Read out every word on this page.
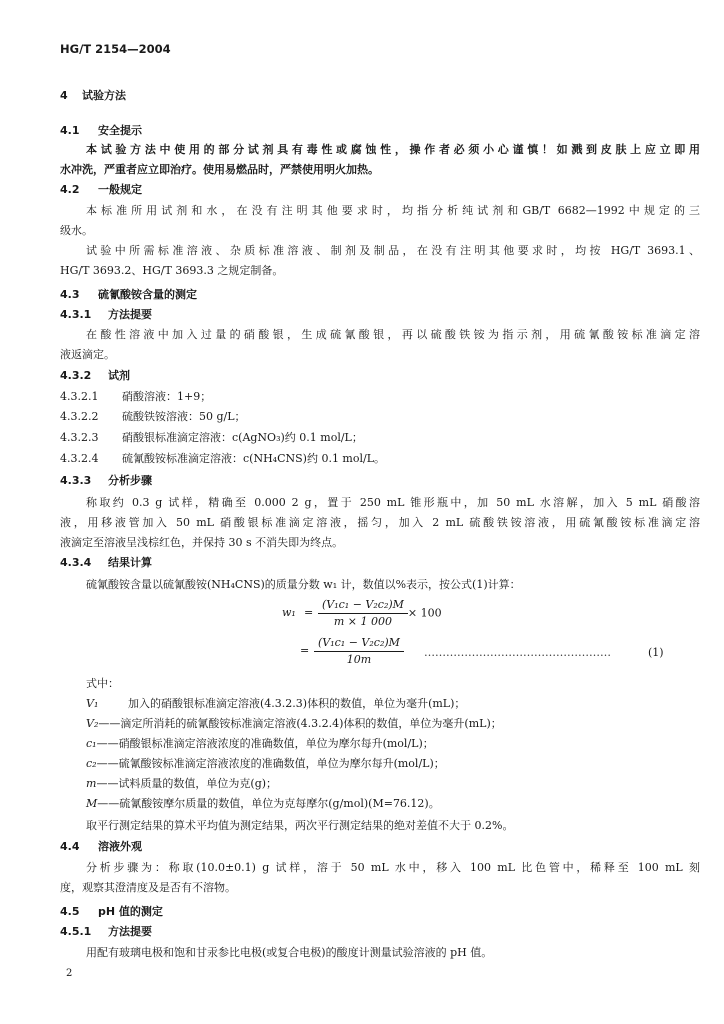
HG/T 2154—2004
4 试验方法
4.1 安全提示
本试验方法中使用的部分试剂具有毒性或腐蚀性，操作者必须小心谨慎！如溅到皮肤上应立即用
水冲洗，严重者应立即治疗。使用易燃品时，严禁使用明火加热。
4.2 一般规定
本标准所用试剂和水，在没有注明其他要求时，均指分析纯试剂和GB/T 6682—1992中规定的三
级水。
试验中所需标准溶液、杂质标准溶液、制剂及制品，在没有注明其他要求时，均按 HG/T 3693.1、
HG/T 3693.2、HG/T 3693.3 之规定制备。
4.3 硫氰酸铵含量的测定
4.3.1 方法提要
在酸性溶液中加入过量的硝酸银，生成硫氰酸银，再以硫酸铁铵为指示剂，用硫氰酸铵标准滴定溶
液返滴定。
4.3.2 试剂
4.3.2.1 硝酸溶液：1+9；
4.3.2.2 硫酸铁铵溶液：50 g/L；
4.3.2.3 硝酸银标准滴定溶液：c(AgNO₃)约 0.1 mol/L；
4.3.2.4 硫氰酸铵标准滴定溶液：c(NH₄CNS)约 0.1 mol/L。
4.3.3 分析步骤
称取约 0.3 g 试样，精确至 0.000 2 g，置于 250 mL 锥形瓶中，加 50 mL 水溶解，加入 5 mL 硝酸溶
液，用移液管加入 50 mL 硝酸银标准滴定溶液，摇匀，加入 2 mL 硫酸铁铵溶液，用硫氰酸铵标准滴定溶
液滴定至溶液呈浅棕红色，并保持 30 s 不消失即为终点。
4.3.4 结果计算
硫氰酸铵含量以硫氰酸铵(NH₄CNS)的质量分数 w₁ 计，数值以%表示，按公式(1)计算：
$w_1 = \frac{\text{(V₁c₁ − V₂c₂)M}}{m \times 1 000} \times 100$
= $\frac{\text{(V₁c₁ − V₂c₂)M}}{10m}$ ……………………………………………	(1)
式中：
V₁	加入的硝酸银标准滴定溶液(4.3.2.3)体积的数值，单位为毫升(mL)；
V₂——滴定所消耗的硫氰酸铵标准滴定溶液(4.3.2.4)体积的数值，单位为毫升(mL)；
c₁——硝酸银标准滴定溶液浓度的准确数值，单位为摩尔每升(mol/L)；
c₂——硫氰酸铵标准滴定溶液浓度的准确数值，单位为摩尔每升(mol/L)；
m——试料质量的数值，单位为克(g)；
M——硫氰酸铵摩尔质量的数值，单位为克每摩尔(g/mol)(M=76.12)。
取平行测定结果的算术平均值为测定结果，两次平行测定结果的绝对差值不大于 0.2%。
4.4 溶液外观
分析步骤为：称取(10.0±0.1) g 试样，溶于 50 mL 水中，移入 100 mL 比色管中，稀释至 100 mL 刻
度，观察其澄清度及是否有不溶物。
4.5 pH 值的测定
4.5.1 方法提要
用配有玻璃电极和饱和甘汞参比电极(或复合电极)的酸度计测量试验溶液的 pH 值。
2
